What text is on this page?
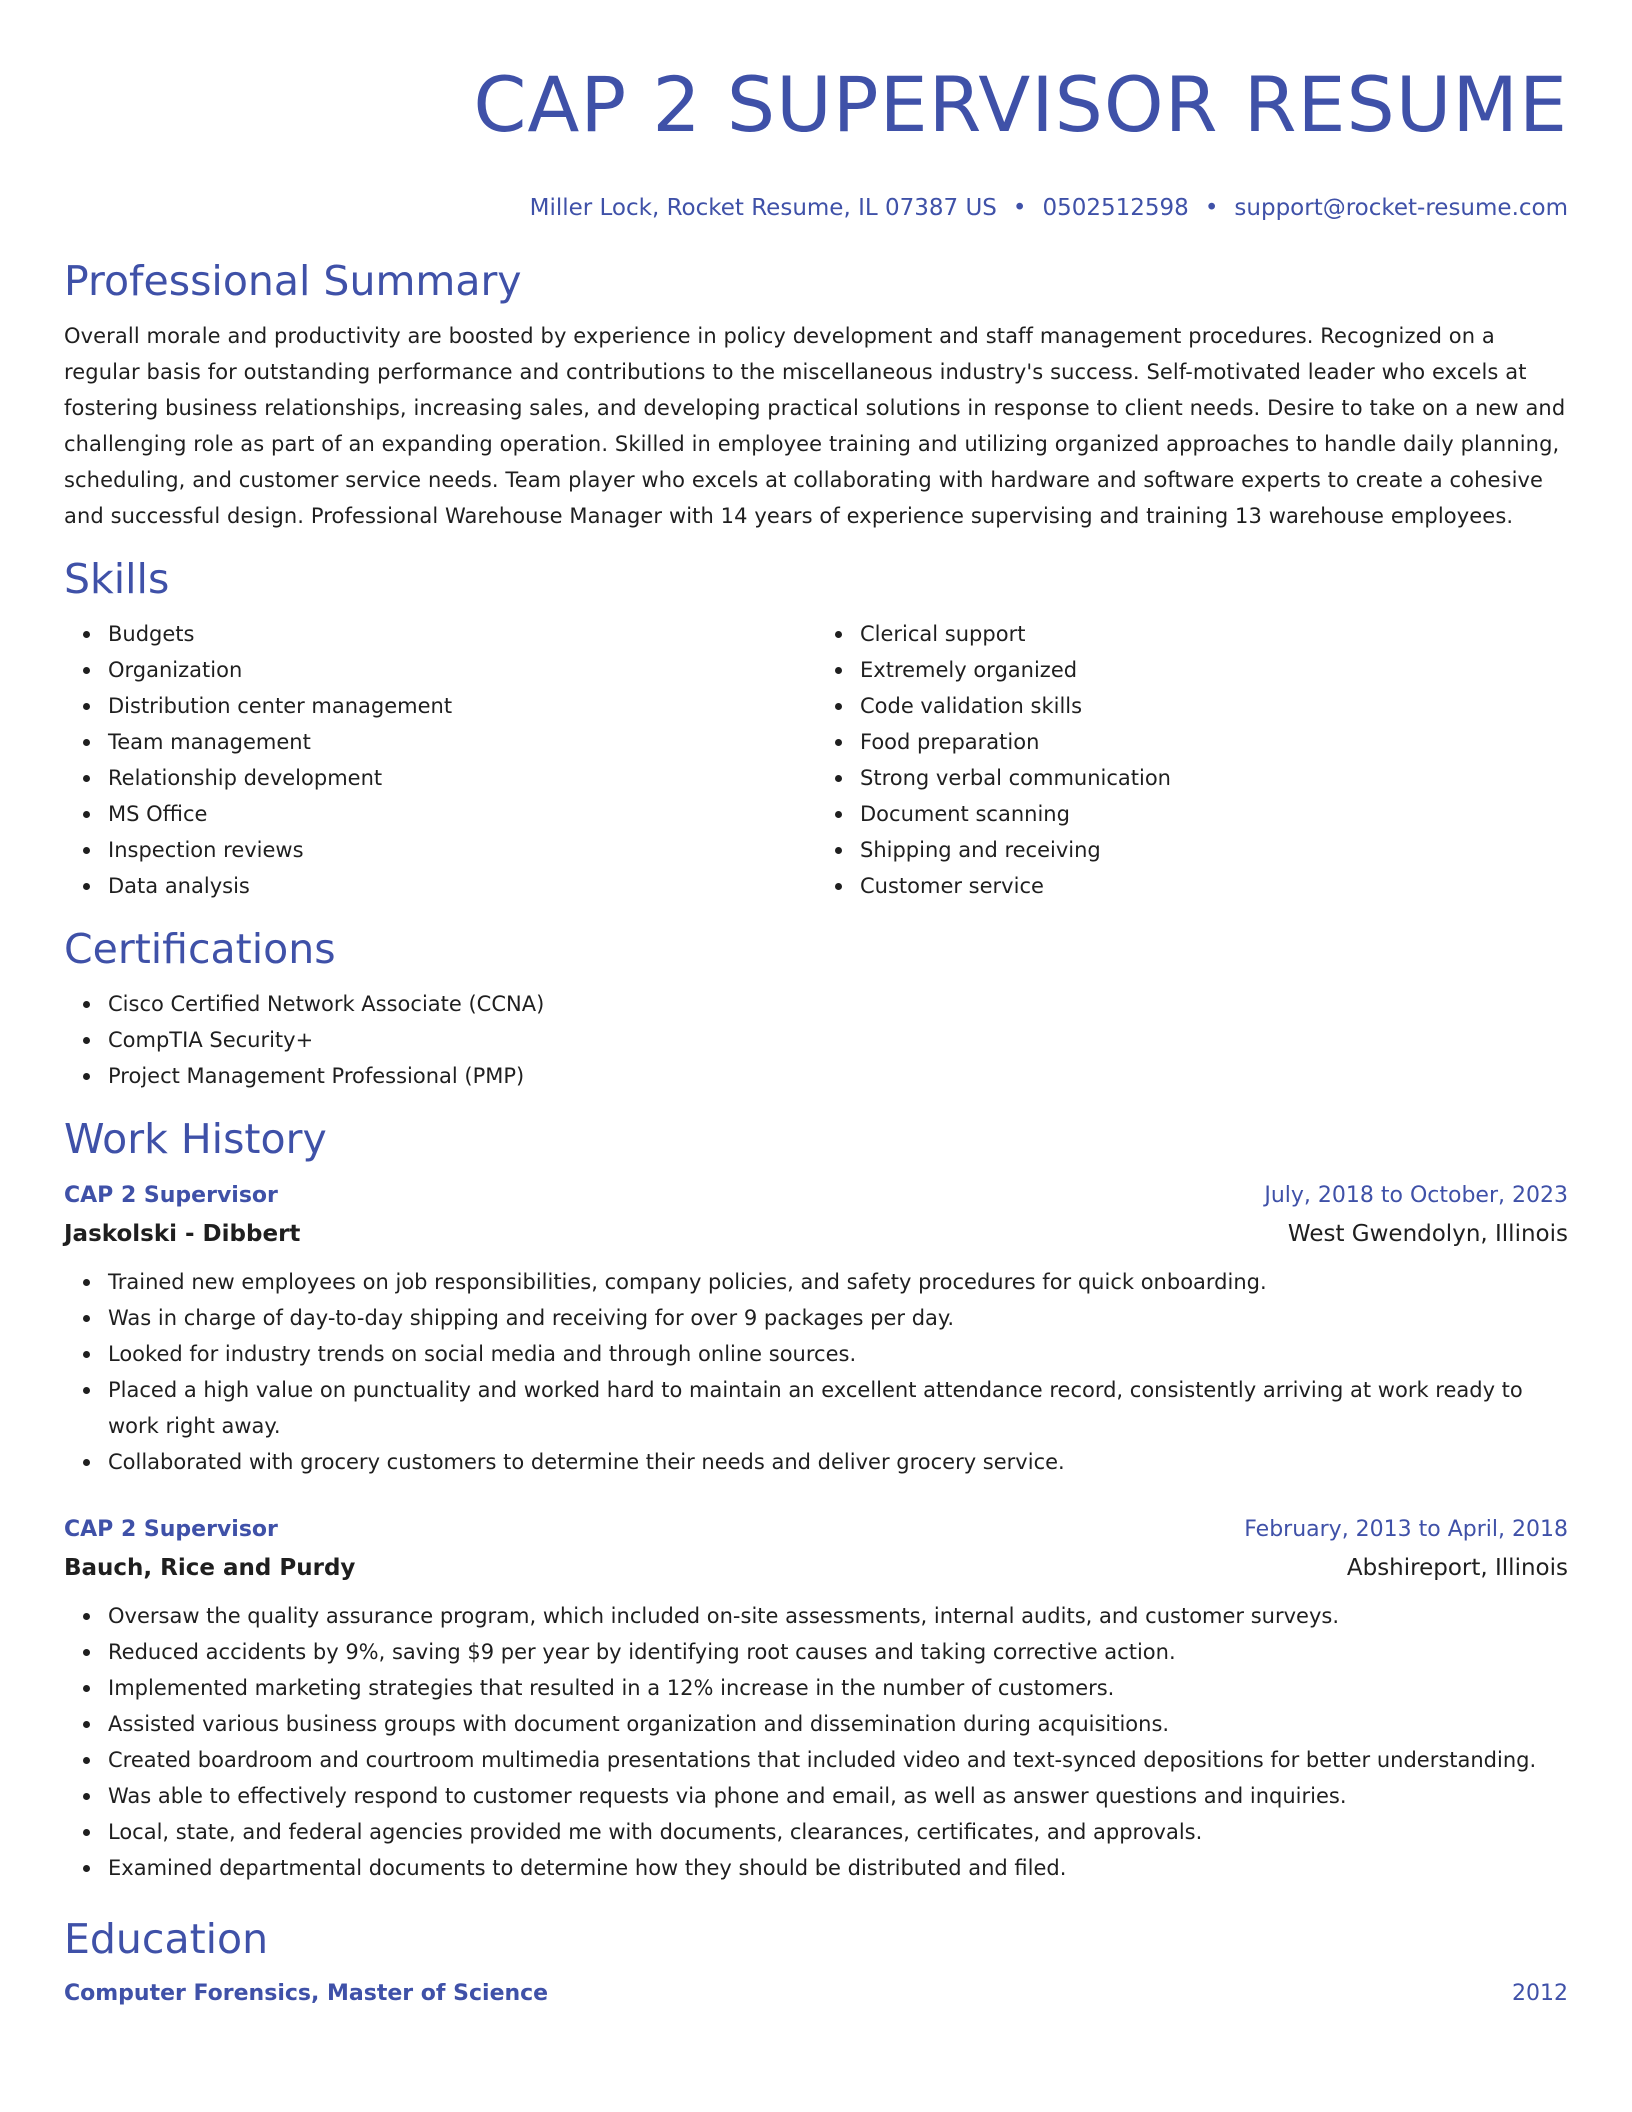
CAP 2 SUPERVISOR RESUME
Miller Lock, Rocket Resume, IL 07387 US • 0502512598 • support@rocket-resume.com
Professional Summary

Overall morale and productivity are boosted by experience in policy development and staff management procedures. Recognized on a regular basis for outstanding performance and contributions to the miscellaneous industry's success. Self-motivated leader who excels at fostering business relationships, increasing sales, and developing practical solutions in response to client needs. Desire to take on a new and challenging role as part of an expanding operation. Skilled in employee training and utilizing organized approaches to handle daily planning, scheduling, and customer service needs. Team player who excels at collaborating with hardware and software experts to create a cohesive and successful design. Professional Warehouse Manager with 14 years of experience supervising and training 13 warehouse employees.

Skills
Budgets
Organization
Distribution center management
Team management
Relationship development
MS Office
Inspection reviews
Data analysis
Clerical support
Extremely organized
Code validation skills
Food preparation
Strong verbal communication
Document scanning
Shipping and receiving
Customer service
Certifications
Cisco Certified Network Associate (CCNA)
CompTIA Security+
Project Management Professional (PMP)
Work History
CAP 2 Supervisor	July, 2018 to October, 2023
Jaskolski - Dibbert	West Gwendolyn, Illinois
Trained new employees on job responsibilities, company policies, and safety procedures for quick onboarding.
Was in charge of day-to-day shipping and receiving for over 9 packages per day.
Looked for industry trends on social media and through online sources.
Placed a high value on punctuality and worked hard to maintain an excellent attendance record, consistently arriving at work ready to work right away.
Collaborated with grocery customers to determine their needs and deliver grocery service.
CAP 2 Supervisor	February, 2013 to April, 2018
Bauch, Rice and Purdy	Abshireport, Illinois
Oversaw the quality assurance program, which included on-site assessments, internal audits, and customer surveys.
Reduced accidents by 9%, saving $9 per year by identifying root causes and taking corrective action.
Implemented marketing strategies that resulted in a 12% increase in the number of customers.
Assisted various business groups with document organization and dissemination during acquisitions.
Created boardroom and courtroom multimedia presentations that included video and text-synced depositions for better understanding.
Was able to effectively respond to customer requests via phone and email, as well as answer questions and inquiries.
Local, state, and federal agencies provided me with documents, clearances, certificates, and approvals.
Examined departmental documents to determine how they should be distributed and filed.
Education
Computer Forensics, Master of Science	2012
